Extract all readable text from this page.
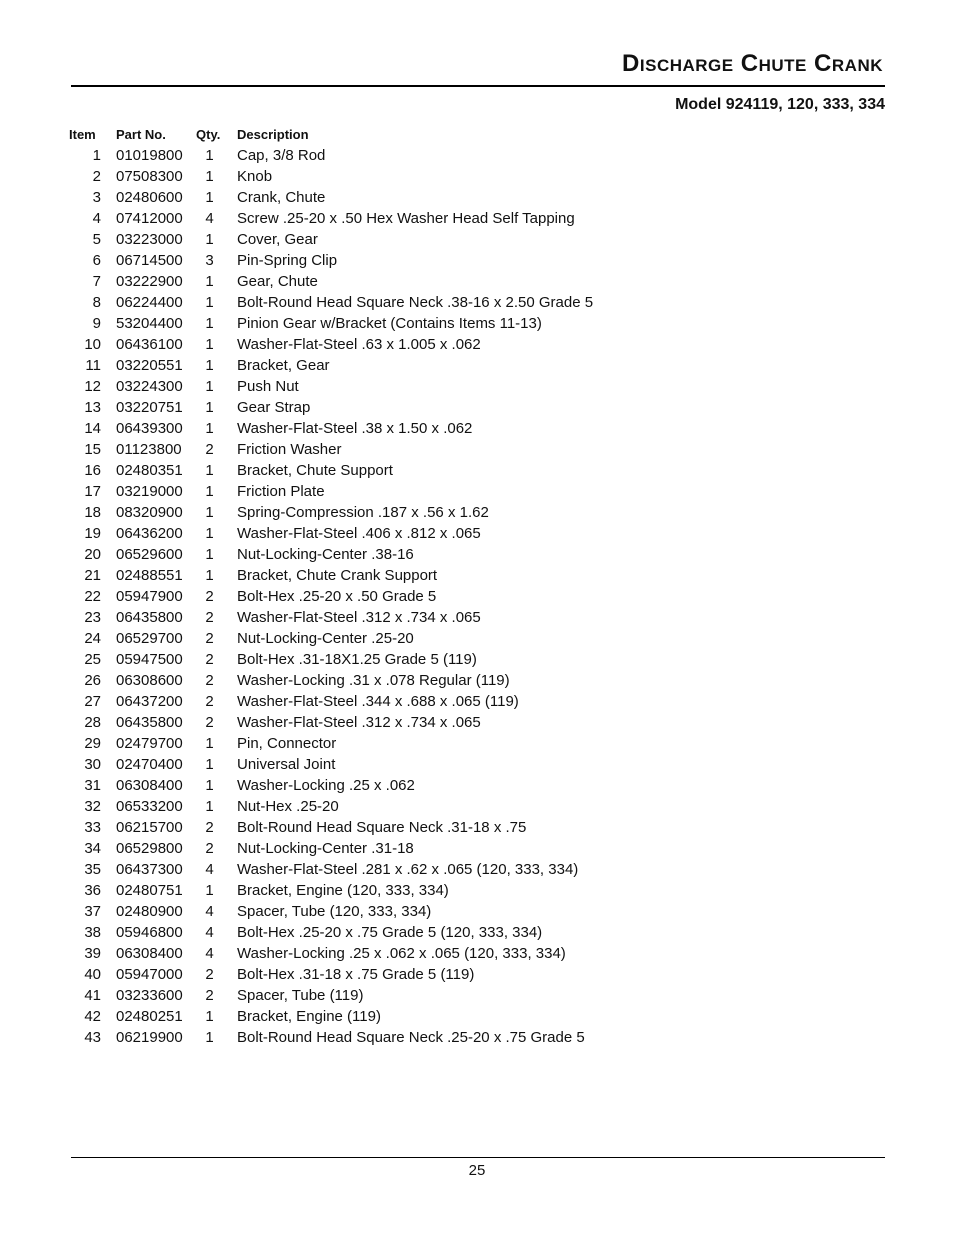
Discharge Chute Crank
Model 924119, 120, 333, 334
Item	Part No.	Qty.	Description
1	01019800	1	Cap, 3/8 Rod
2	07508300	1	Knob
3	02480600	1	Crank, Chute
4	07412000	4	Screw .25-20 x .50 Hex Washer Head Self Tapping
5	03223000	1	Cover, Gear
6	06714500	3	Pin-Spring Clip
7	03222900	1	Gear, Chute
8	06224400	1	Bolt-Round Head Square Neck .38-16 x 2.50 Grade 5
9	53204400	1	Pinion Gear w/Bracket (Contains Items 11-13)
10	06436100	1	Washer-Flat-Steel .63 x 1.005 x .062
11	03220551	1	Bracket, Gear
12	03224300	1	Push Nut
13	03220751	1	Gear Strap
14	06439300	1	Washer-Flat-Steel .38 x 1.50 x .062
15	01123800	2	Friction Washer
16	02480351	1	Bracket, Chute Support
17	03219000	1	Friction Plate
18	08320900	1	Spring-Compression .187 x .56 x 1.62
19	06436200	1	Washer-Flat-Steel .406 x .812 x .065
20	06529600	1	Nut-Locking-Center .38-16
21	02488551	1	Bracket, Chute Crank Support
22	05947900	2	Bolt-Hex .25-20 x .50 Grade 5
23	06435800	2	Washer-Flat-Steel .312 x .734 x .065
24	06529700	2	Nut-Locking-Center .25-20
25	05947500	2	Bolt-Hex .31-18X1.25 Grade 5 (119)
26	06308600	2	Washer-Locking .31 x .078 Regular (119)
27	06437200	2	Washer-Flat-Steel .344 x .688 x .065 (119)
28	06435800	2	Washer-Flat-Steel .312 x .734 x .065
29	02479700	1	Pin, Connector
30	02470400	1	Universal Joint
31	06308400	1	Washer-Locking .25 x .062
32	06533200	1	Nut-Hex .25-20
33	06215700	2	Bolt-Round Head Square Neck .31-18 x .75
34	06529800	2	Nut-Locking-Center .31-18
35	06437300	4	Washer-Flat-Steel .281 x .62 x .065 (120, 333, 334)
36	02480751	1	Bracket, Engine (120, 333, 334)
37	02480900	4	Spacer, Tube (120, 333, 334)
38	05946800	4	Bolt-Hex .25-20 x .75 Grade 5 (120, 333, 334)
39	06308400	4	Washer-Locking .25 x .062 x .065 (120, 333, 334)
40	05947000	2	Bolt-Hex .31-18 x .75 Grade 5 (119)
41	03233600	2	Spacer, Tube (119)
42	02480251	1	Bracket, Engine (119)
43	06219900	1	Bolt-Round Head Square Neck .25-20 x .75 Grade 5
25
